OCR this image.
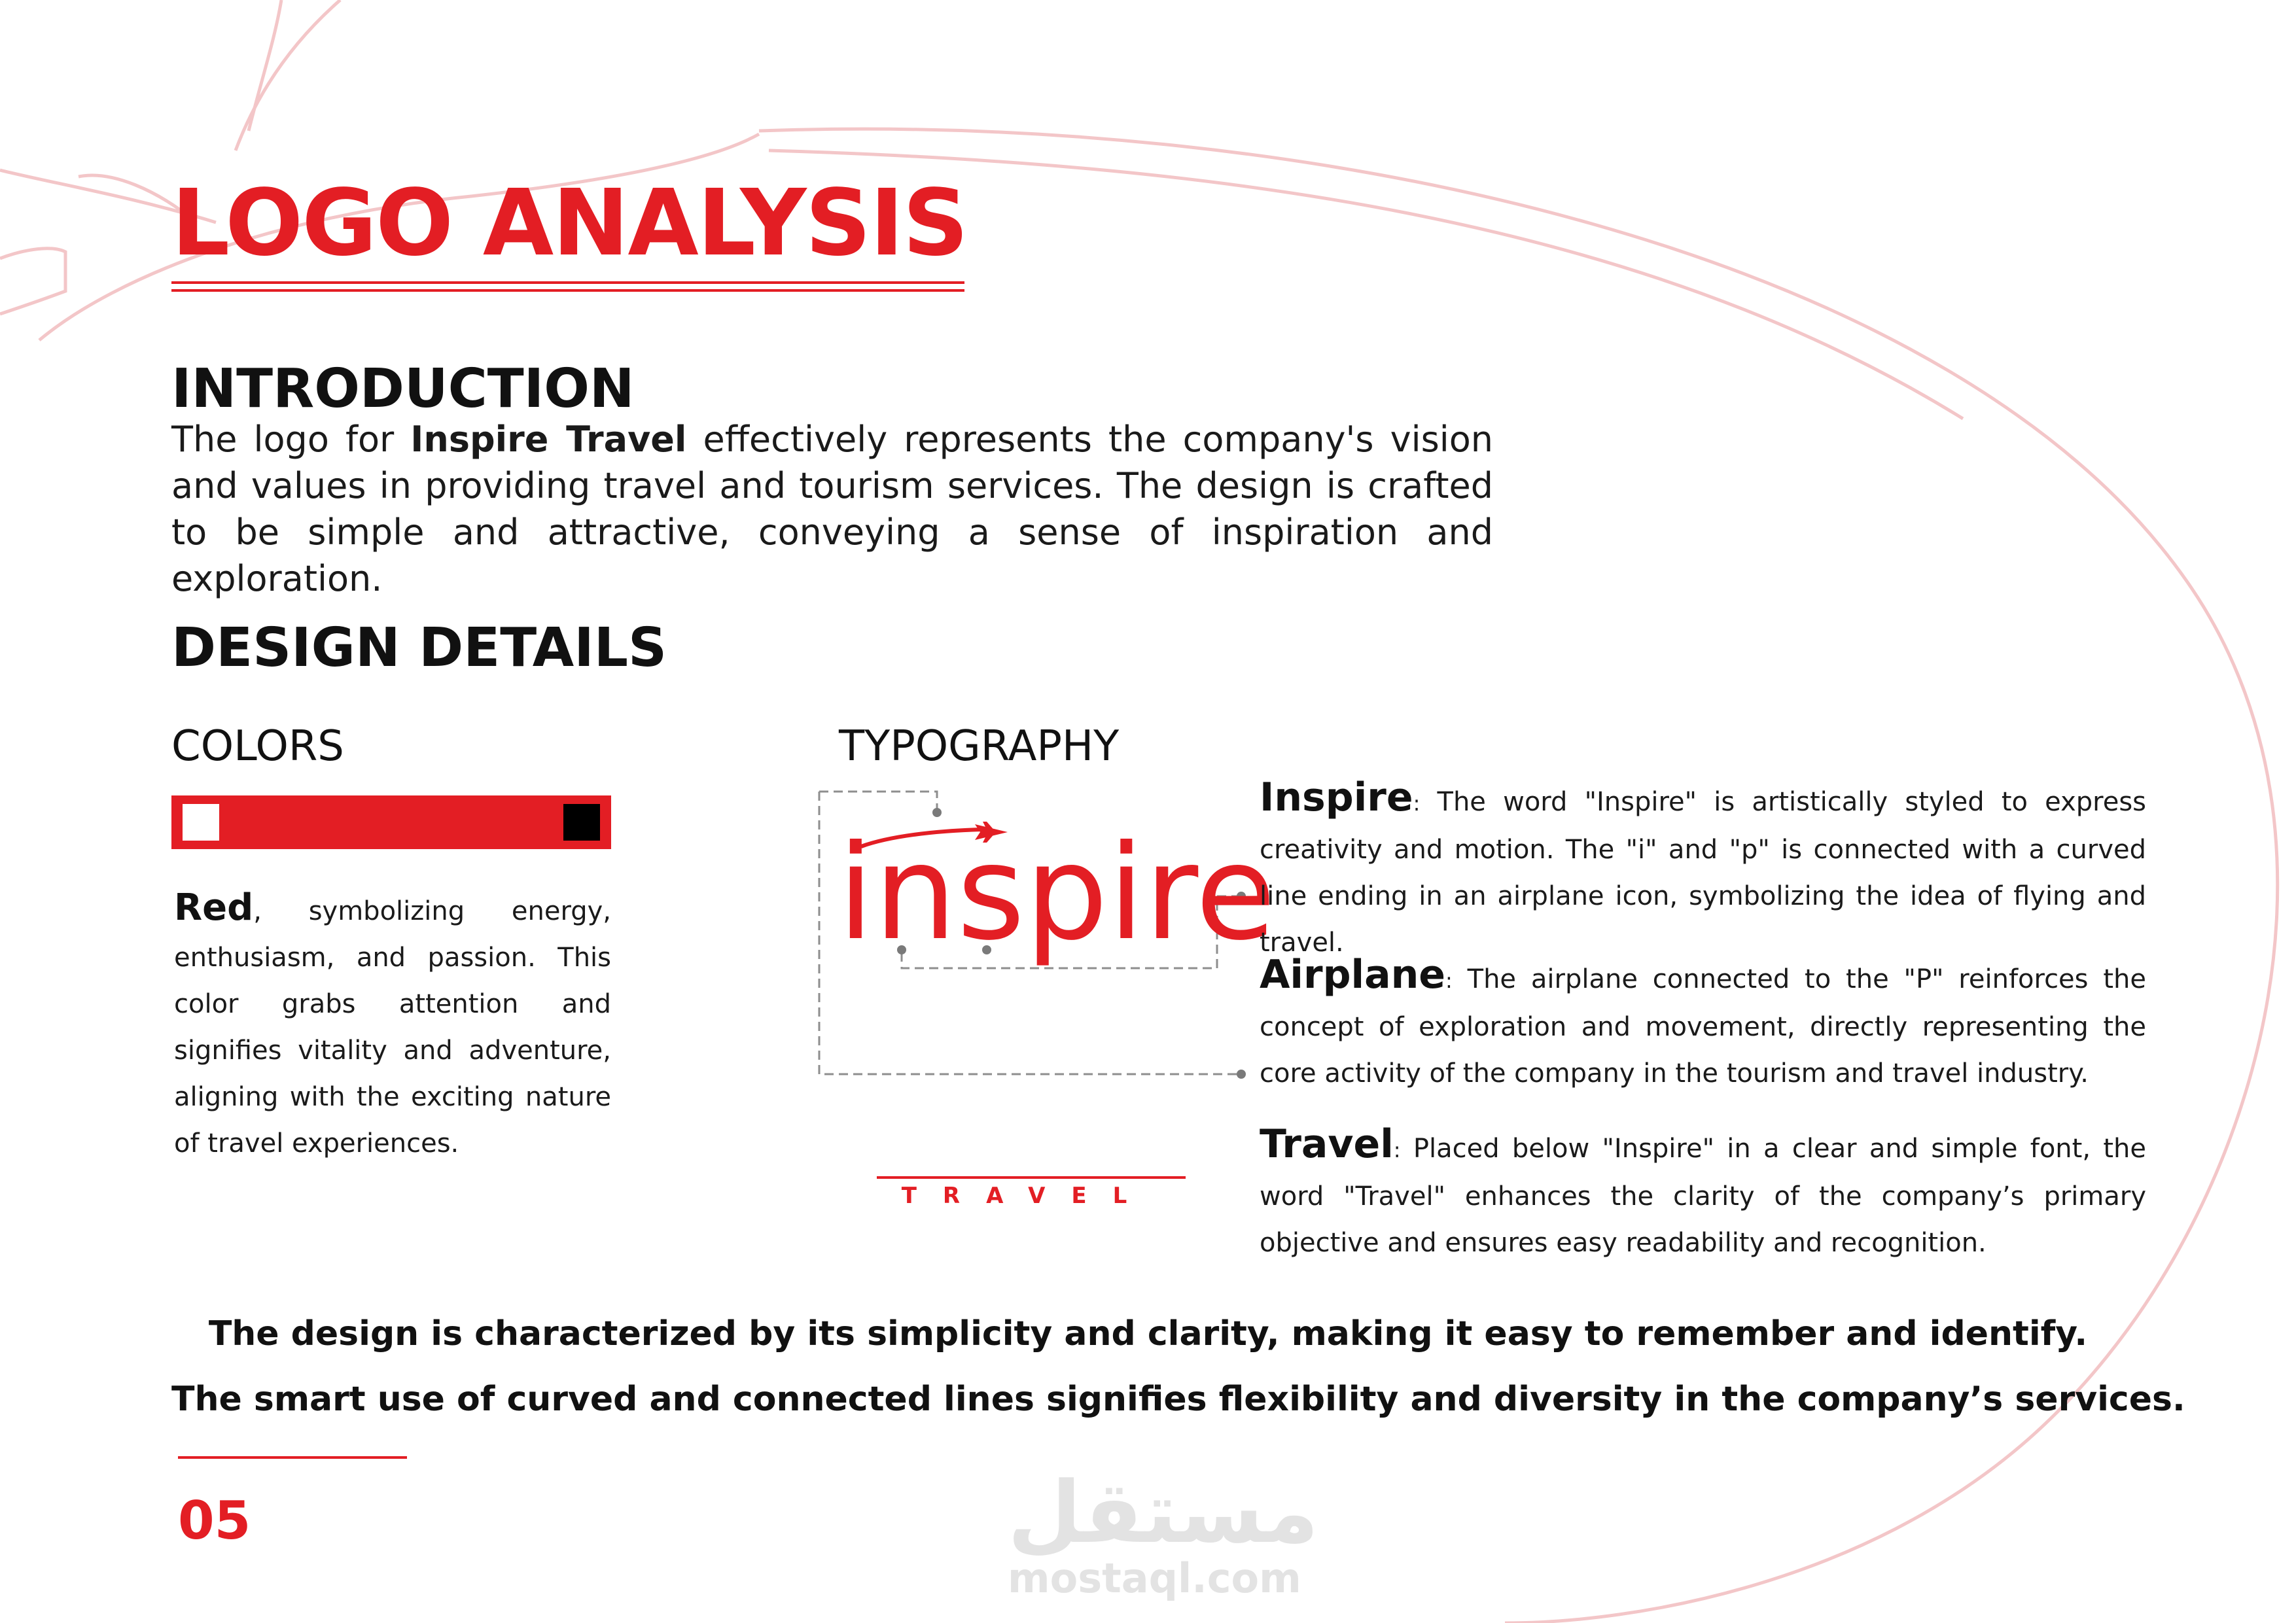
LOGO ANALYSIS
INTRODUCTION

The logo for Inspire Travel effectively represents the company's vision and values in providing travel and tourism services. The design is crafted to be simple and attractive, conveying a sense of inspiration and exploration.

DESIGN DETAILS
COLORS

Red, symbolizing energy, enthusiasm, and passion. This color grabs attention and signifies vitality and adventure, aligning with the exciting nature of travel experiences.

TYPOGRAPHY
inspire

TRAVEL

Inspire: The word "Inspire" is artistically styled to express creativity and motion. The "i" and "p" is connected with a curved line ending in an airplane icon, symbolizing the idea of flying and travel.

Airplane: The airplane connected to the "P" reinforces the concept of exploration and movement, directly representing the core activity of the company in the tourism and travel industry.

Travel: Placed below "Inspire" in a clear and simple font, the word "Travel" enhances the clarity of the company’s primary objective and ensures easy readability and recognition.

The design is characterized by its simplicity and clarity, making it easy to remember and identify.

The smart use of curved and connected lines signifies flexibility and diversity in the company’s services.

05	مستقل

mostaql.com
